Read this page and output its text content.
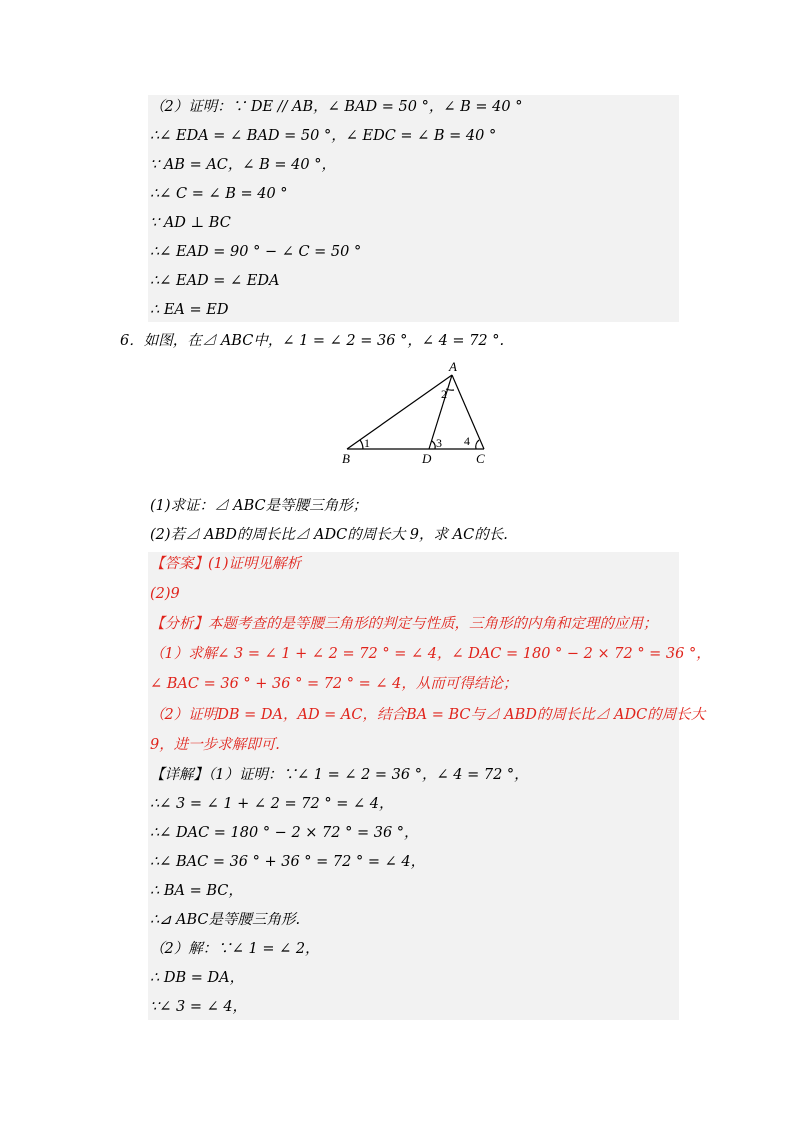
（2）证明：∵ DE // AB，∠ BAD = 50 °，∠ B = 40 °
∴∠ EDA = ∠ BAD = 50 °，∠ EDC = ∠ B = 40 °
∵ AB = AC，∠ B = 40 °，
∴∠ C = ∠ B = 40 °
∵ AD ⊥ BC
∴∠ EAD = 90 ° − ∠ C = 50 °
∴∠ EAD = ∠ EDA
∴ EA = ED
6．如图，在⊿ ABC中，∠ 1 = ∠ 2 = 36 °，∠ 4 = 72 °.
A
B	C
D
1
2
3 4
(1)求证：⊿ ABC是等腰三角形；
(2)若⊿ ABD的周长比⊿ ADC的周长大 9，求 AC的长.
【答案】(1)证明见解析
(2)9
【分析】本题考查的是等腰三角形的判定与性质，三角形的内角和定理的应用；
（1）求解∠ 3 = ∠ 1 + ∠ 2 = 72 ° = ∠ 4，∠ DAC = 180 ° − 2 × 72 ° = 36 °，
∠ BAC = 36 ° + 36 ° = 72 ° = ∠ 4，从而可得结论；
（2）证明DB = DA，AD = AC，结合BA = BC与⊿ ABD的周长比⊿ ADC的周长大
9，进一步求解即可.
【详解】（1）证明：∵∠ 1 = ∠ 2 = 36 °，∠ 4 = 72 °，
∴∠ 3 = ∠ 1 + ∠ 2 = 72 ° = ∠ 4，
∴∠ DAC = 180 ° − 2 × 72 ° = 36 °，
∴∠ BAC = 36 ° + 36 ° = 72 ° = ∠ 4，
∴ BA = BC，
∴⊿ ABC是等腰三角形.
（2）解：∵∠ 1 = ∠ 2，
∴ DB = DA，
∵∠ 3 = ∠ 4，
